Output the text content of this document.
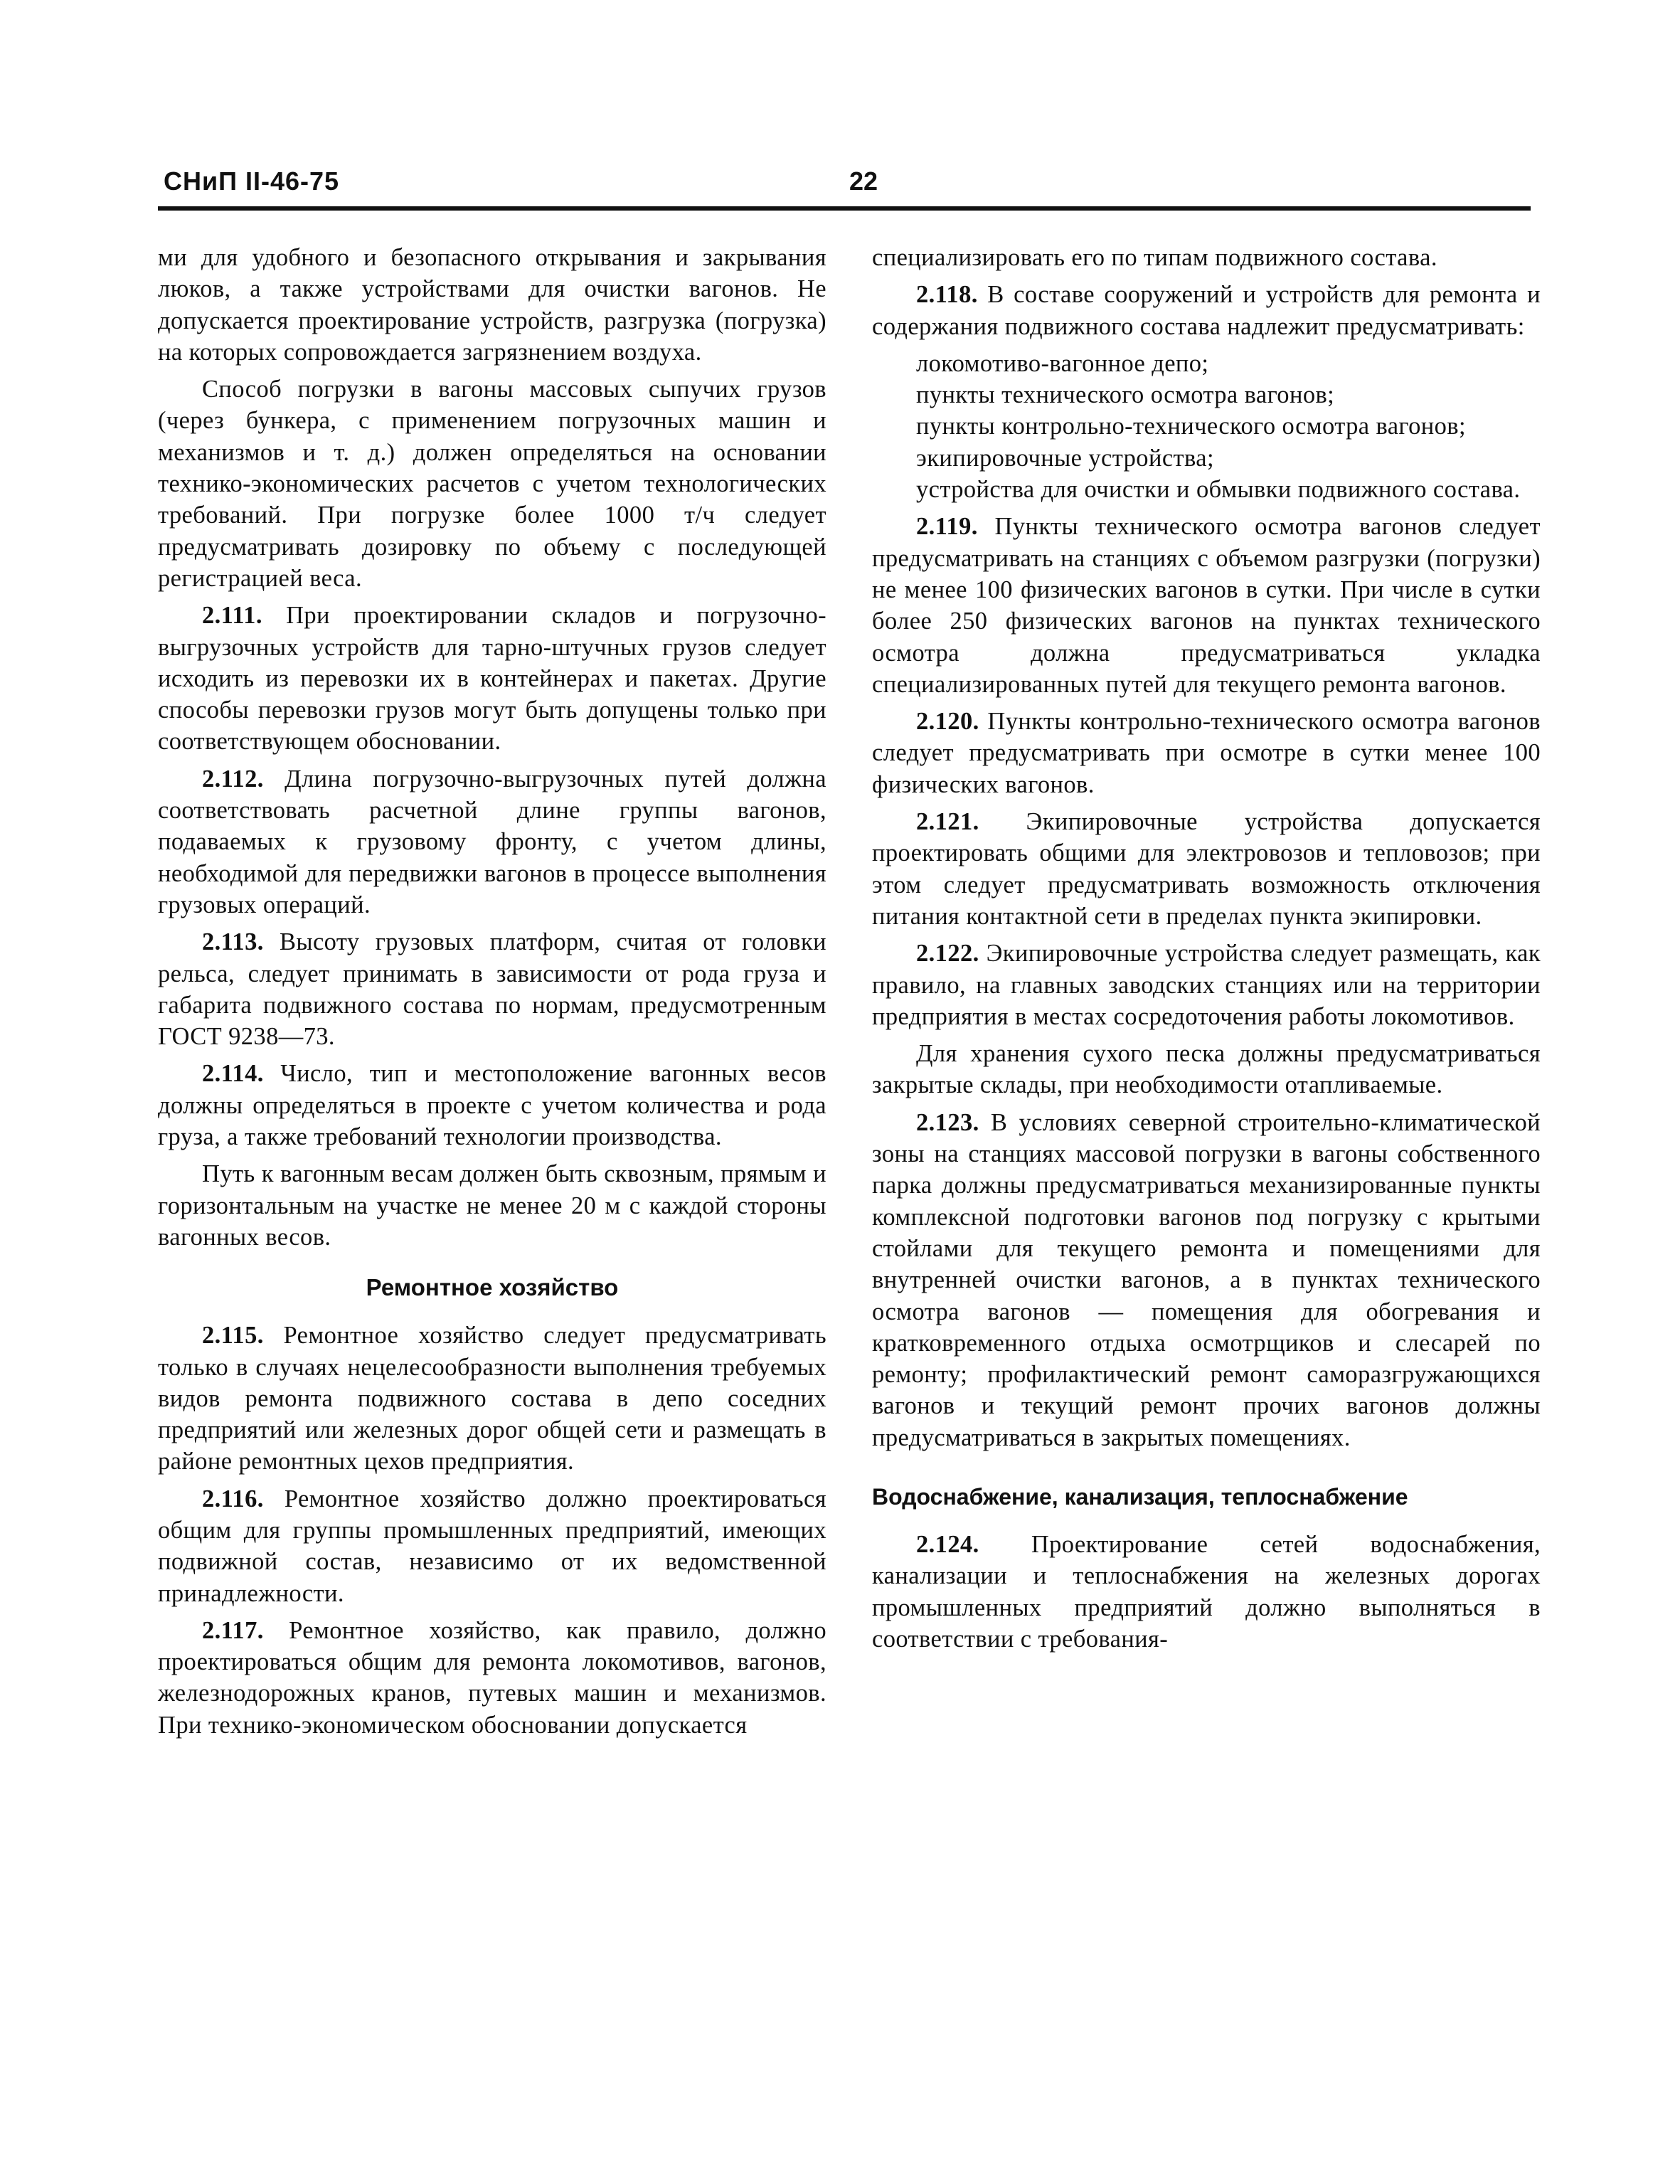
СНиП II-46-75	22

ми для удобного и безопасного открывания и закрывания люков, а также устройствами для очистки вагонов. Не допускается проектирование устройств, разгрузка (погрузка) на которых сопровождается загрязнением воздуха.

Способ погрузки в вагоны массовых сыпучих грузов (через бункера, с применением погрузочных машин и механизмов и т. д.) должен определяться на основании технико-экономических расчетов с учетом технологических требований. При погрузке более 1000 т/ч следует предусматривать дозировку по объему с последующей регистрацией веса.

2.111. При проектировании складов и погрузочно-выгрузочных устройств для тарно-штучных грузов следует исходить из перевозки их в контейнерах и пакетах. Другие способы перевозки грузов могут быть допущены только при соответствующем обосновании.

2.112. Длина погрузочно-выгрузочных путей должна соответствовать расчетной длине группы вагонов, подаваемых к грузовому фронту, с учетом длины, необходимой для передвижки вагонов в процессе выполнения грузовых операций.

2.113. Высоту грузовых платформ, считая от головки рельса, следует принимать в зависимости от рода груза и габарита подвижного состава по нормам, предусмотренным ГОСТ 9238—73.

2.114. Число, тип и местоположение вагонных весов должны определяться в проекте с учетом количества и рода груза, а также требований технологии производства.

Путь к вагонным весам должен быть сквозным, прямым и горизонтальным на участке не менее 20 м с каждой стороны вагонных весов.

Ремонтное хозяйство

2.115. Ремонтное хозяйство следует предусматривать только в случаях нецелесообразности выполнения требуемых видов ремонта подвижного состава в депо соседних предприятий или железных дорог общей сети и размещать в районе ремонтных цехов предприятия.

2.116. Ремонтное хозяйство должно проектироваться общим для группы промышленных предприятий, имеющих подвижной состав, независимо от их ведомственной принадлежности.

2.117. Ремонтное хозяйство, как правило, должно проектироваться общим для ремонта локомотивов, вагонов, железнодорожных кранов, путевых машин и механизмов. При технико-экономическом обосновании допускается

специализировать его по типам подвижного состава.

2.118. В составе сооружений и устройств для ремонта и содержания подвижного состава надлежит предусматривать:

локомотиво-вагонное депо;

пункты технического осмотра вагонов;

пункты контрольно-технического осмотра вагонов;

экипировочные устройства;

устройства для очистки и обмывки подвижного состава.

2.119. Пункты технического осмотра вагонов следует предусматривать на станциях с объемом разгрузки (погрузки) не менее 100 физических вагонов в сутки. При числе в сутки более 250 физических вагонов на пунктах технического осмотра должна предусматриваться укладка специализированных путей для текущего ремонта вагонов.

2.120. Пункты контрольно-технического осмотра вагонов следует предусматривать при осмотре в сутки менее 100 физических вагонов.

2.121. Экипировочные устройства допускается проектировать общими для электровозов и тепловозов; при этом следует предусматривать возможность отключения питания контактной сети в пределах пункта экипировки.

2.122. Экипировочные устройства следует размещать, как правило, на главных заводских станциях или на территории предприятия в местах сосредоточения работы локомотивов.

Для хранения сухого песка должны предусматриваться закрытые склады, при необходимости отапливаемые.

2.123. В условиях северной строительно-климатической зоны на станциях массовой погрузки в вагоны собственного парка должны предусматриваться механизированные пункты комплексной подготовки вагонов под погрузку с крытыми стойлами для текущего ремонта и помещениями для внутренней очистки вагонов, а в пунктах технического осмотра вагонов — помещения для обогревания и кратковременного отдыха осмотрщиков и слесарей по ремонту; профилактический ремонт саморазгружающихся вагонов и текущий ремонт прочих вагонов должны предусматриваться в закрытых помещениях.

Водоснабжение, канализация, теплоснабжение

2.124. Проектирование сетей водоснабжения, канализации и теплоснабжения на железных дорогах промышленных предприятий должно выполняться в соответствии с требования-
